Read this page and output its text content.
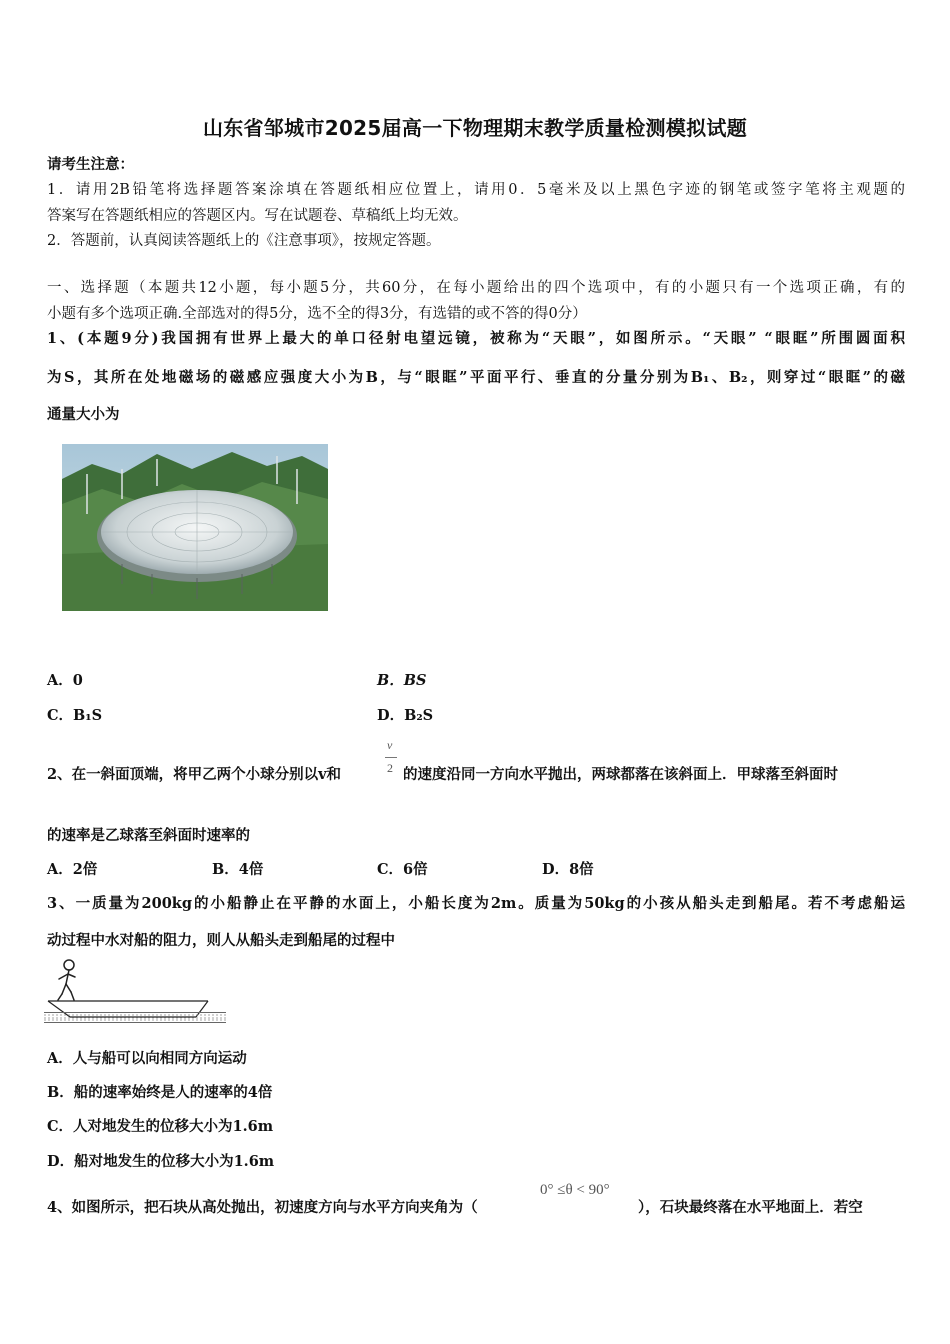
山东省邹城市2025届高一下物理期末教学质量检测模拟试题
请考生注意：
1．请用2B铅笔将选择题答案涂填在答题纸相应位置上，请用0．5毫米及以上黑色字迹的钢笔或签字笔将主观题的
答案写在答题纸相应的答题区内。写在试题卷、草稿纸上均无效。
2．答题前，认真阅读答题纸上的《注意事项》，按规定答题。
一、选择题（本题共12小题，每小题5分，共60分，在每小题给出的四个选项中，有的小题只有一个选项正确，有的
小题有多个选项正确.全部选对的得5分，选不全的得3分，有选错的或不答的得0分）
1、(本题9分)我国拥有世界上最大的单口径射电望远镜，被称为“天眼”，如图所示。“天眼” “眼眶”所围圆面积
为S，其所在处地磁场的磁感应强度大小为B，与“眼眶”平面平行、垂直的分量分别为B₁、B₂，则穿过“眼眶”的磁
通量大小为
A．0	B．BS
C．B₁S	D．B₂S
2、在一斜面顶端，将甲乙两个小球分别以v和
v
2 的速度沿同一方向水平抛出，两球都落在该斜面上．甲球落至斜面时
的速率是乙球落至斜面时速率的
A．2倍	B．4倍	C．6倍	D．8倍
3、一质量为200kg的小船静止在平静的水面上，小船长度为2m。质量为50kg的小孩从船头走到船尾。若不考虑船运
动过程中水对船的阻力，则人从船头走到船尾的过程中
A．人与船可以向相同方向运动
B．船的速率始终是人的速率的4倍
C．人对地发生的位移大小为1.6m
D．船对地发生的位移大小为1.6m
4、如图所示，把石块从高处抛出，初速度方向与水平方向夹角为（
0° ≤θ < 90°
），石块最终落在水平地面上．若空
